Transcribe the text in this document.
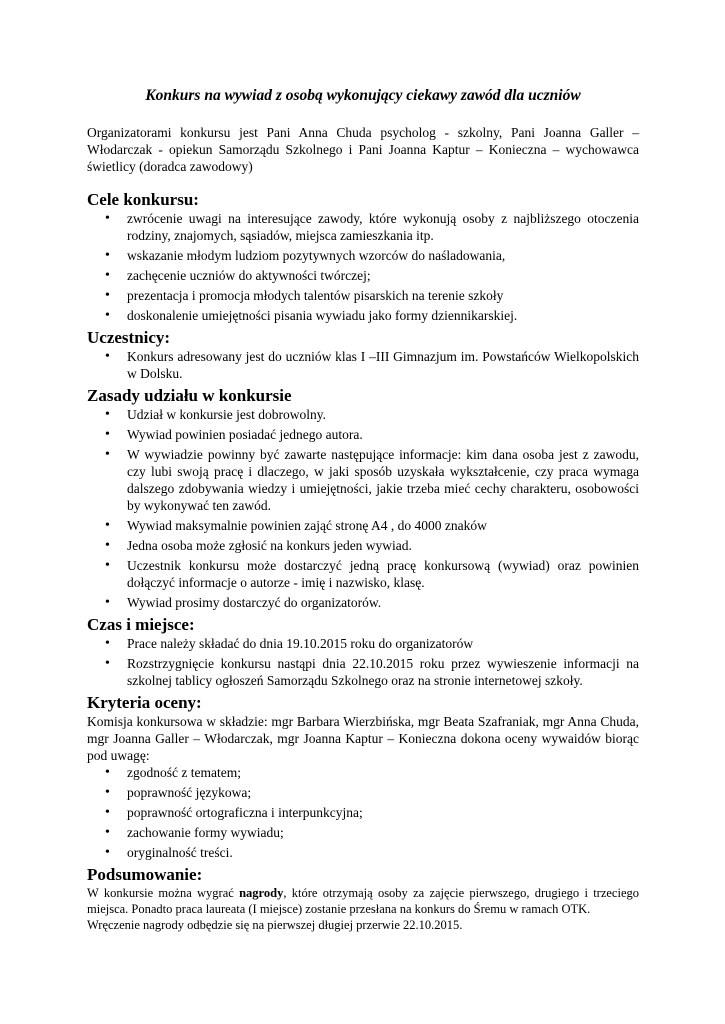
Konkurs na wywiad z osobą wykonujący ciekawy zawód dla uczniów
Organizatorami konkursu jest Pani Anna Chuda psycholog - szkolny, Pani Joanna Galler – Włodarczak - opiekun Samorządu Szkolnego i Pani Joanna Kaptur – Konieczna – wychowawca świetlicy (doradca zawodowy)
Cele konkursu:
• zwrócenie uwagi na interesujące zawody, które wykonują osoby z najbliższego otoczenia rodziny, znajomych, sąsiadów, miejsca zamieszkania itp.
• wskazanie młodym ludziom pozytywnych wzorców do naśladowania,
• zachęcenie uczniów do aktywności twórczej;
• prezentacja i promocja młodych talentów pisarskich na terenie szkoły
• doskonalenie umiejętności pisania wywiadu jako formy dziennikarskiej.
Uczestnicy:
• Konkurs adresowany jest do uczniów klas I –III Gimnazjum im. Powstańców Wielkopolskich w Dolsku.
Zasady udziału w konkursie
• Udział w konkursie jest dobrowolny.
• Wywiad powinien posiadać jednego autora.
• W wywiadzie powinny być zawarte następujące informacje: kim dana osoba jest z zawodu, czy lubi swoją pracę i dlaczego, w jaki sposób uzyskała wykształcenie, czy praca wymaga dalszego zdobywania wiedzy i umiejętności, jakie trzeba mieć cechy charakteru, osobowości by wykonywać ten zawód.
• Wywiad maksymalnie powinien zająć stronę A4 , do 4000 znaków
• Jedna osoba może zgłosić na konkurs jeden wywiad.
• Uczestnik konkursu może dostarczyć jedną pracę konkursową (wywiad) oraz powinien dołączyć informacje o autorze - imię i nazwisko, klasę.
• Wywiad prosimy dostarczyć do organizatorów.
Czas i miejsce:
• Prace należy składać do dnia 19.10.2015 roku do organizatorów
• Rozstrzygnięcie konkursu nastąpi dnia 22.10.2015 roku przez wywieszenie informacji na szkolnej tablicy ogłoszeń Samorządu Szkolnego oraz na stronie internetowej szkoły.
Kryteria oceny:

Komisja konkursowa w składzie: mgr Barbara Wierzbińska, mgr Beata Szafraniak, mgr Anna Chuda, mgr Joanna Galler – Włodarczak, mgr Joanna Kaptur – Konieczna dokona oceny wywaidów biorąc pod uwagę:

• zgodność z tematem;
• poprawność językowa;
• poprawność ortograficzna i interpunkcyjna;
• zachowanie formy wywiadu;
• oryginalność treści.
Podsumowanie:

W konkursie można wygrać nagrody, które otrzymają osoby za zajęcie pierwszego, drugiego i trzeciego miejsca. Ponadto praca laureata (I miejsce) zostanie przesłana na konkurs do Śremu w ramach OTK.

Wręczenie nagrody odbędzie się na pierwszej długiej przerwie 22.10.2015.
